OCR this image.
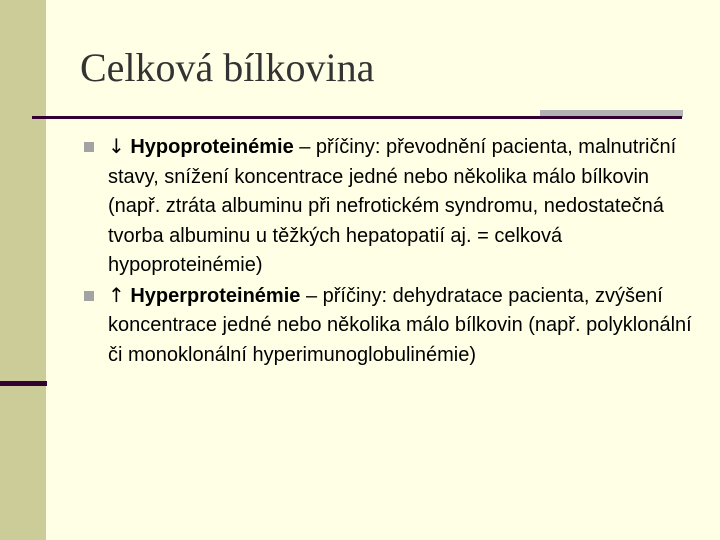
Celková bílkovina
↓ Hypoproteinémie – příčiny: převodnění pacienta, malnutriční stavy, snížení koncentrace jedné nebo několika málo bílkovin (např. ztráta albuminu při nefrotickém syndromu, nedostatečná tvorba albuminu u těžkých hepatopatií aj. = celková hypoproteinémie)
↑ Hyperproteinémie – příčiny: dehydratace pacienta, zvýšení koncentrace jedné nebo několika málo bílkovin (např. polyklonální či monoklonální hyperimunoglobulinémie)
